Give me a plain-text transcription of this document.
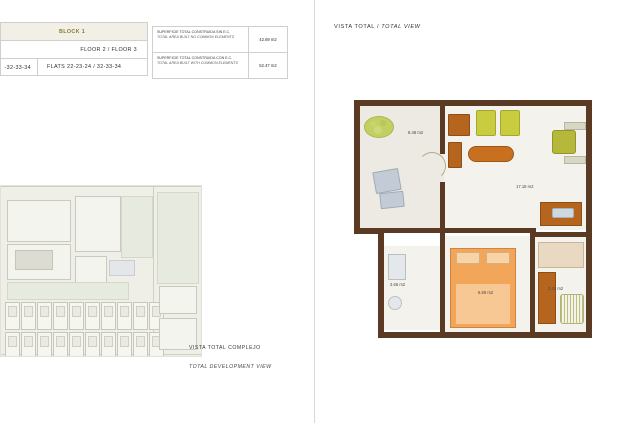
BLOCK 1
FLOOR 2 / FLOOR 3
FLATS 22-23-24 / 32-33-34
SUPERFICIE TOTAL CONSTRUIDA SIN E.C.
TOTAL AREA BUILT NO COMMON ELEMENTS	42.69 m2
SUPERFICIE TOTAL CONSTRUIDA CON E.C.
TOTAL AREA BUILT WITH COMMON ELEMENTS	52.47 m2
-32-33-34
VISTA TOTAL COMPLEJO
TOTAL DEVELOPMENT VIEW
VISTA TOTAL / TOTAL VIEW
8.48 m2
17.18 m2
3.66 m2
6.59 m2
3.41 m2
